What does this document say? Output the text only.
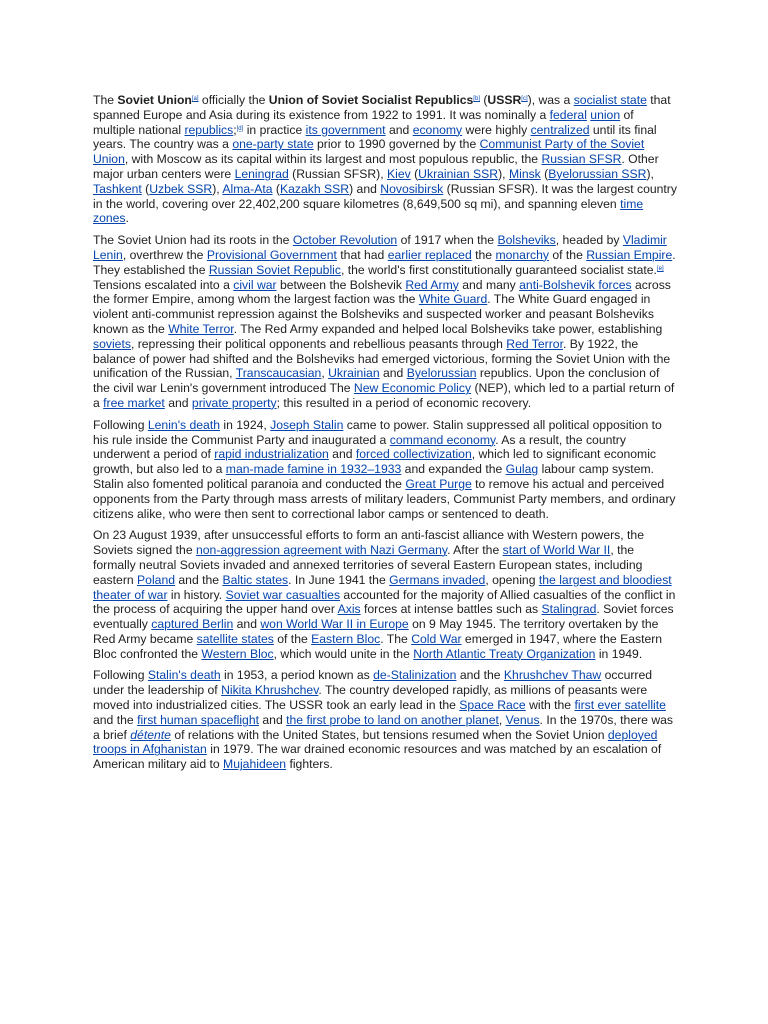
The Soviet Union[a] officially the Union of Soviet Socialist Republics[b] (USSR[c]), was a socialist state that spanned Europe and Asia during its existence from 1922 to 1991. It was nominally a federal union of multiple national republics;[d] in practice its government and economy were highly centralized until its final years. The country was a one-party state prior to 1990 governed by the Communist Party of the Soviet Union, with Moscow as its capital within its largest and most populous republic, the Russian SFSR. Other major urban centers were Leningrad (Russian SFSR), Kiev (Ukrainian SSR), Minsk (Byelorussian SSR), Tashkent (Uzbek SSR), Alma-Ata (Kazakh SSR) and Novosibirsk (Russian SFSR). It was the largest country in the world, covering over 22,402,200 square kilometres (8,649,500 sq mi), and spanning eleven time zones.

The Soviet Union had its roots in the October Revolution of 1917 when the Bolsheviks, headed by Vladimir Lenin, overthrew the Provisional Government that had earlier replaced the monarchy of the Russian Empire. They established the Russian Soviet Republic, the world's first constitutionally guaranteed socialist state.[e] Tensions escalated into a civil war between the Bolshevik Red Army and many anti-Bolshevik forces across the former Empire, among whom the largest faction was the White Guard. The White Guard engaged in violent anti-communist repression against the Bolsheviks and suspected worker and peasant Bolsheviks known as the White Terror. The Red Army expanded and helped local Bolsheviks take power, establishing soviets, repressing their political opponents and rebellious peasants through Red Terror. By 1922, the balance of power had shifted and the Bolsheviks had emerged victorious, forming the Soviet Union with the unification of the Russian, Transcaucasian, Ukrainian and Byelorussian republics. Upon the conclusion of the civil war Lenin's government introduced The New Economic Policy (NEP), which led to a partial return of a free market and private property; this resulted in a period of economic recovery.

Following Lenin's death in 1924, Joseph Stalin came to power. Stalin suppressed all political opposition to his rule inside the Communist Party and inaugurated a command economy. As a result, the country underwent a period of rapid industrialization and forced collectivization, which led to significant economic growth, but also led to a man-made famine in 1932–1933 and expanded the Gulag labour camp system. Stalin also fomented political paranoia and conducted the Great Purge to remove his actual and perceived opponents from the Party through mass arrests of military leaders, Communist Party members, and ordinary citizens alike, who were then sent to correctional labor camps or sentenced to death.

On 23 August 1939, after unsuccessful efforts to form an anti-fascist alliance with Western powers, the Soviets signed the non-aggression agreement with Nazi Germany. After the start of World War II, the formally neutral Soviets invaded and annexed territories of several Eastern European states, including eastern Poland and the Baltic states. In June 1941 the Germans invaded, opening the largest and bloodiest theater of war in history. Soviet war casualties accounted for the majority of Allied casualties of the conflict in the process of acquiring the upper hand over Axis forces at intense battles such as Stalingrad. Soviet forces eventually captured Berlin and won World War II in Europe on 9 May 1945. The territory overtaken by the Red Army became satellite states of the Eastern Bloc. The Cold War emerged in 1947, where the Eastern Bloc confronted the Western Bloc, which would unite in the North Atlantic Treaty Organization in 1949.

Following Stalin's death in 1953, a period known as de-Stalinization and the Khrushchev Thaw occurred under the leadership of Nikita Khrushchev. The country developed rapidly, as millions of peasants were moved into industrialized cities. The USSR took an early lead in the Space Race with the first ever satellite and the first human spaceflight and the first probe to land on another planet, Venus. In the 1970s, there was a brief détente of relations with the United States, but tensions resumed when the Soviet Union deployed troops in Afghanistan in 1979. The war drained economic resources and was matched by an escalation of American military aid to Mujahideen fighters.
